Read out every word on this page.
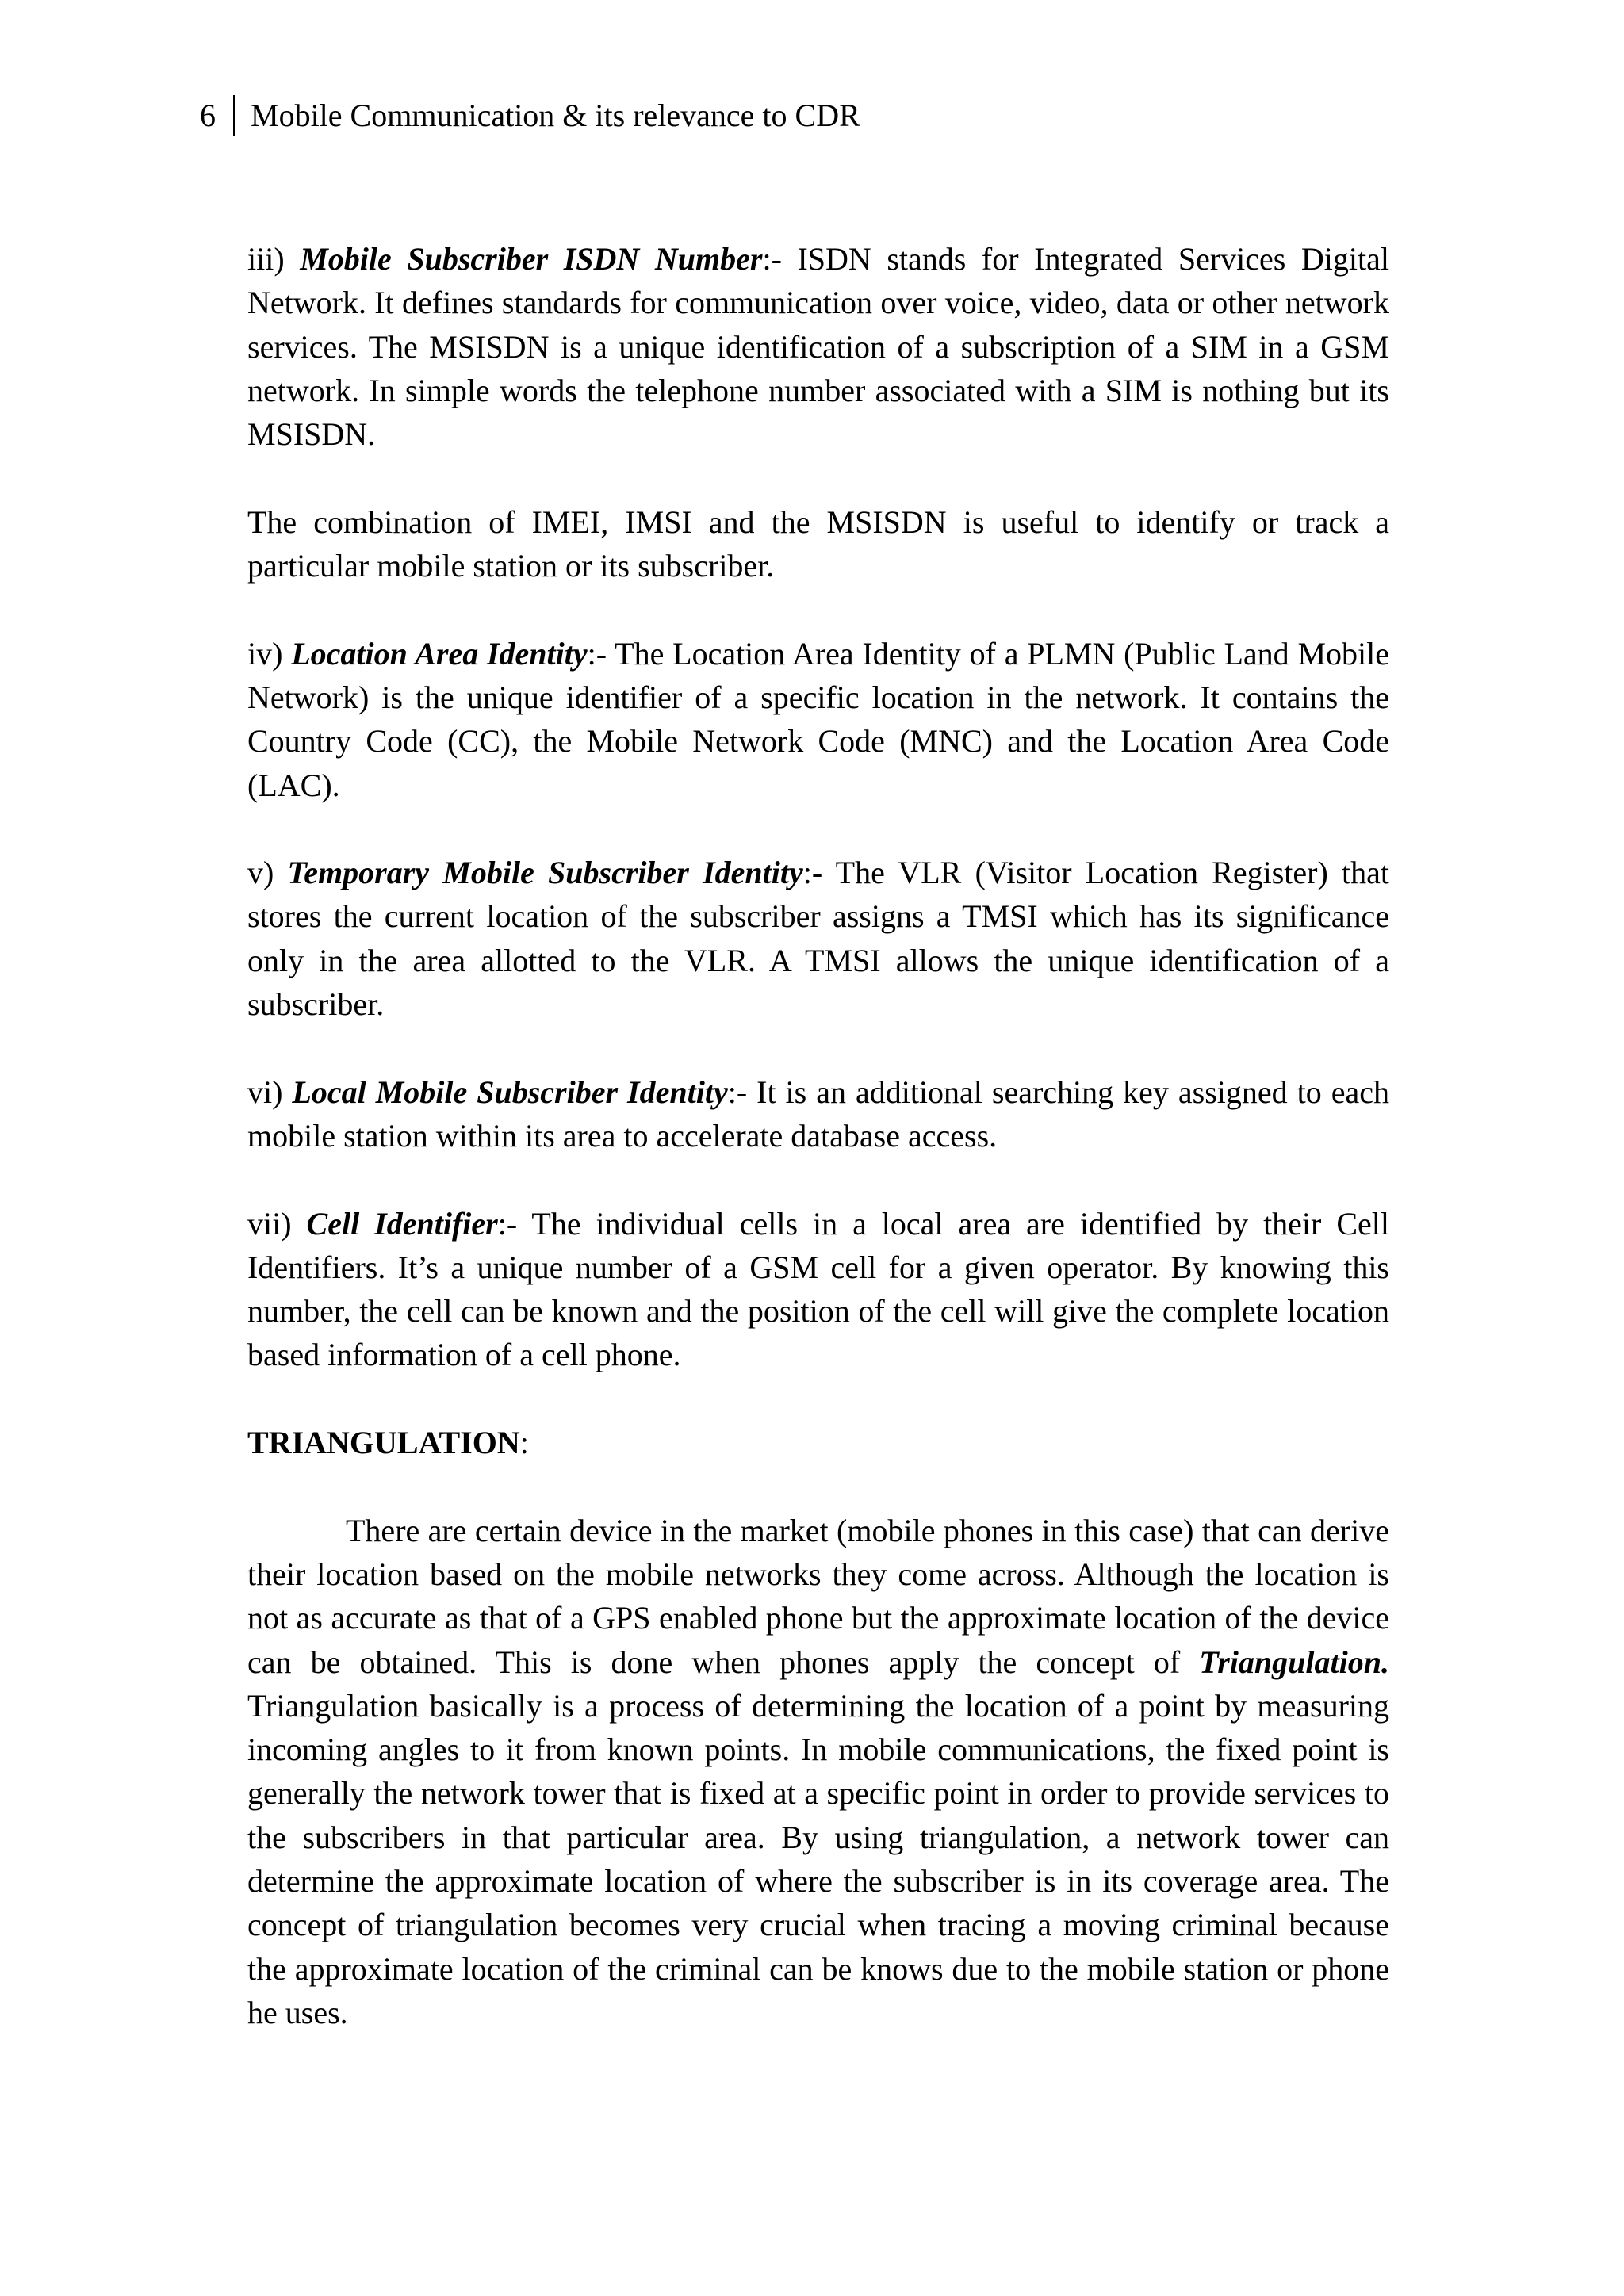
6 Mobile Communication & its relevance to CDR

iii) Mobile Subscriber ISDN Number:- ISDN stands for Integrated Services Digital Network. It defines standards for communication over voice, video, data or other network services. The MSISDN is a unique identification of a subscription of a SIM in a GSM network. In simple words the telephone number associated with a SIM is nothing but its MSISDN.

The combination of IMEI, IMSI and the MSISDN is useful to identify or track a particular mobile station or its subscriber.

iv) Location Area Identity:- The Location Area Identity of a PLMN (Public Land Mobile Network) is the unique identifier of a specific location in the network. It contains the Country Code (CC), the Mobile Network Code (MNC) and the Location Area Code (LAC).

v) Temporary Mobile Subscriber Identity:- The VLR (Visitor Location Register) that stores the current location of the subscriber assigns a TMSI which has its significance only in the area allotted to the VLR. A TMSI allows the unique identification of a subscriber.

vi) Local Mobile Subscriber Identity:- It is an additional searching key assigned to each mobile station within its area to accelerate database access.

vii) Cell Identifier:- The individual cells in a local area are identified by their Cell Identifiers. It’s a unique number of a GSM cell for a given operator. By knowing this number, the cell can be known and the position of the cell will give the complete location based information of a cell phone.

TRIANGULATION:

There are certain device in the market (mobile phones in this case) that can derive their location based on the mobile networks they come across. Although the location is not as accurate as that of a GPS enabled phone but the approximate location of the device can be obtained. This is done when phones apply the concept of Triangulation. Triangulation basically is a process of determining the location of a point by measuring incoming angles to it from known points. In mobile communications, the fixed point is generally the network tower that is fixed at a specific point in order to provide services to the subscribers in that particular area. By using triangulation, a network tower can determine the approximate location of where the subscriber is in its coverage area. The concept of triangulation becomes very crucial when tracing a moving criminal because the approximate location of the criminal can be knows due to the mobile station or phone he uses.
